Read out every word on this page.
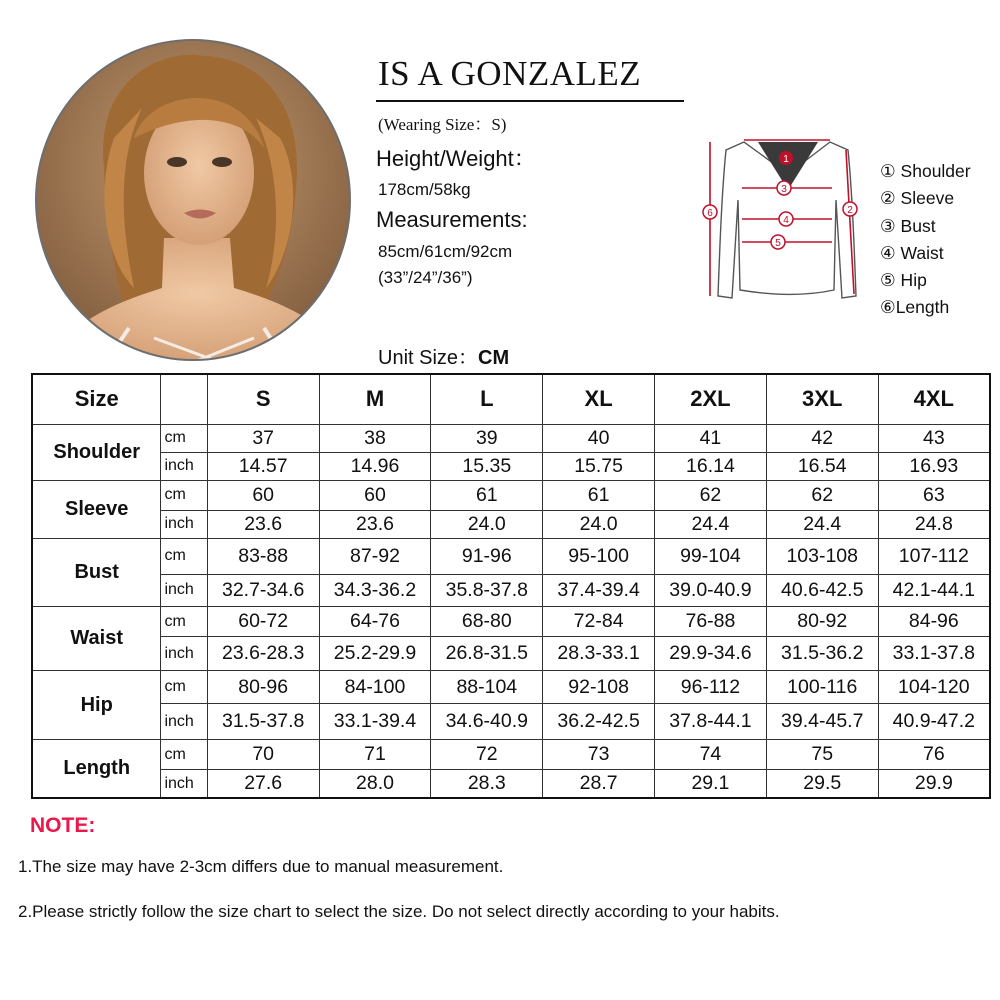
IS A GONZALEZ
(Wearing Size：S)
Height/Weight：
178cm/58kg
Measurements:
85cm/61cm/92cm
(33”/24”/36”)
1
2
3
4
5
6
① Shoulder
② Sleeve
③ Bust
④ Waist
⑤ Hip
⑥Length
Unit Size：CM
Size		S	M	L	XL	2XL	3XL	4XL
Shoulder	cm	37	38	39	40	41	42	43
	inch	14.57	14.96	15.35	15.75	16.14	16.54	16.93
Sleeve	cm	60	60	61	61	62	62	63
	inch	23.6	23.6	24.0	24.0	24.4	24.4	24.8
Bust	cm	83-88	87-92	91-96	95-100	99-104	103-108	107-112
	inch	32.7-34.6	34.3-36.2	35.8-37.8	37.4-39.4	39.0-40.9	40.6-42.5	42.1-44.1
Waist	cm	60-72	64-76	68-80	72-84	76-88	80-92	84-96
	inch	23.6-28.3	25.2-29.9	26.8-31.5	28.3-33.1	29.9-34.6	31.5-36.2	33.1-37.8
Hip	cm	80-96	84-100	88-104	92-108	96-112	100-116	104-120
	inch	31.5-37.8	33.1-39.4	34.6-40.9	36.2-42.5	37.8-44.1	39.4-45.7	40.9-47.2
Length	cm	70	71	72	73	74	75	76
	inch	27.6	28.0	28.3	28.7	29.1	29.5	29.9
NOTE:
1.The size may have 2-3cm differs due to manual measurement.
2.Please strictly follow the size chart to select the size. Do not select directly according to your habits.
